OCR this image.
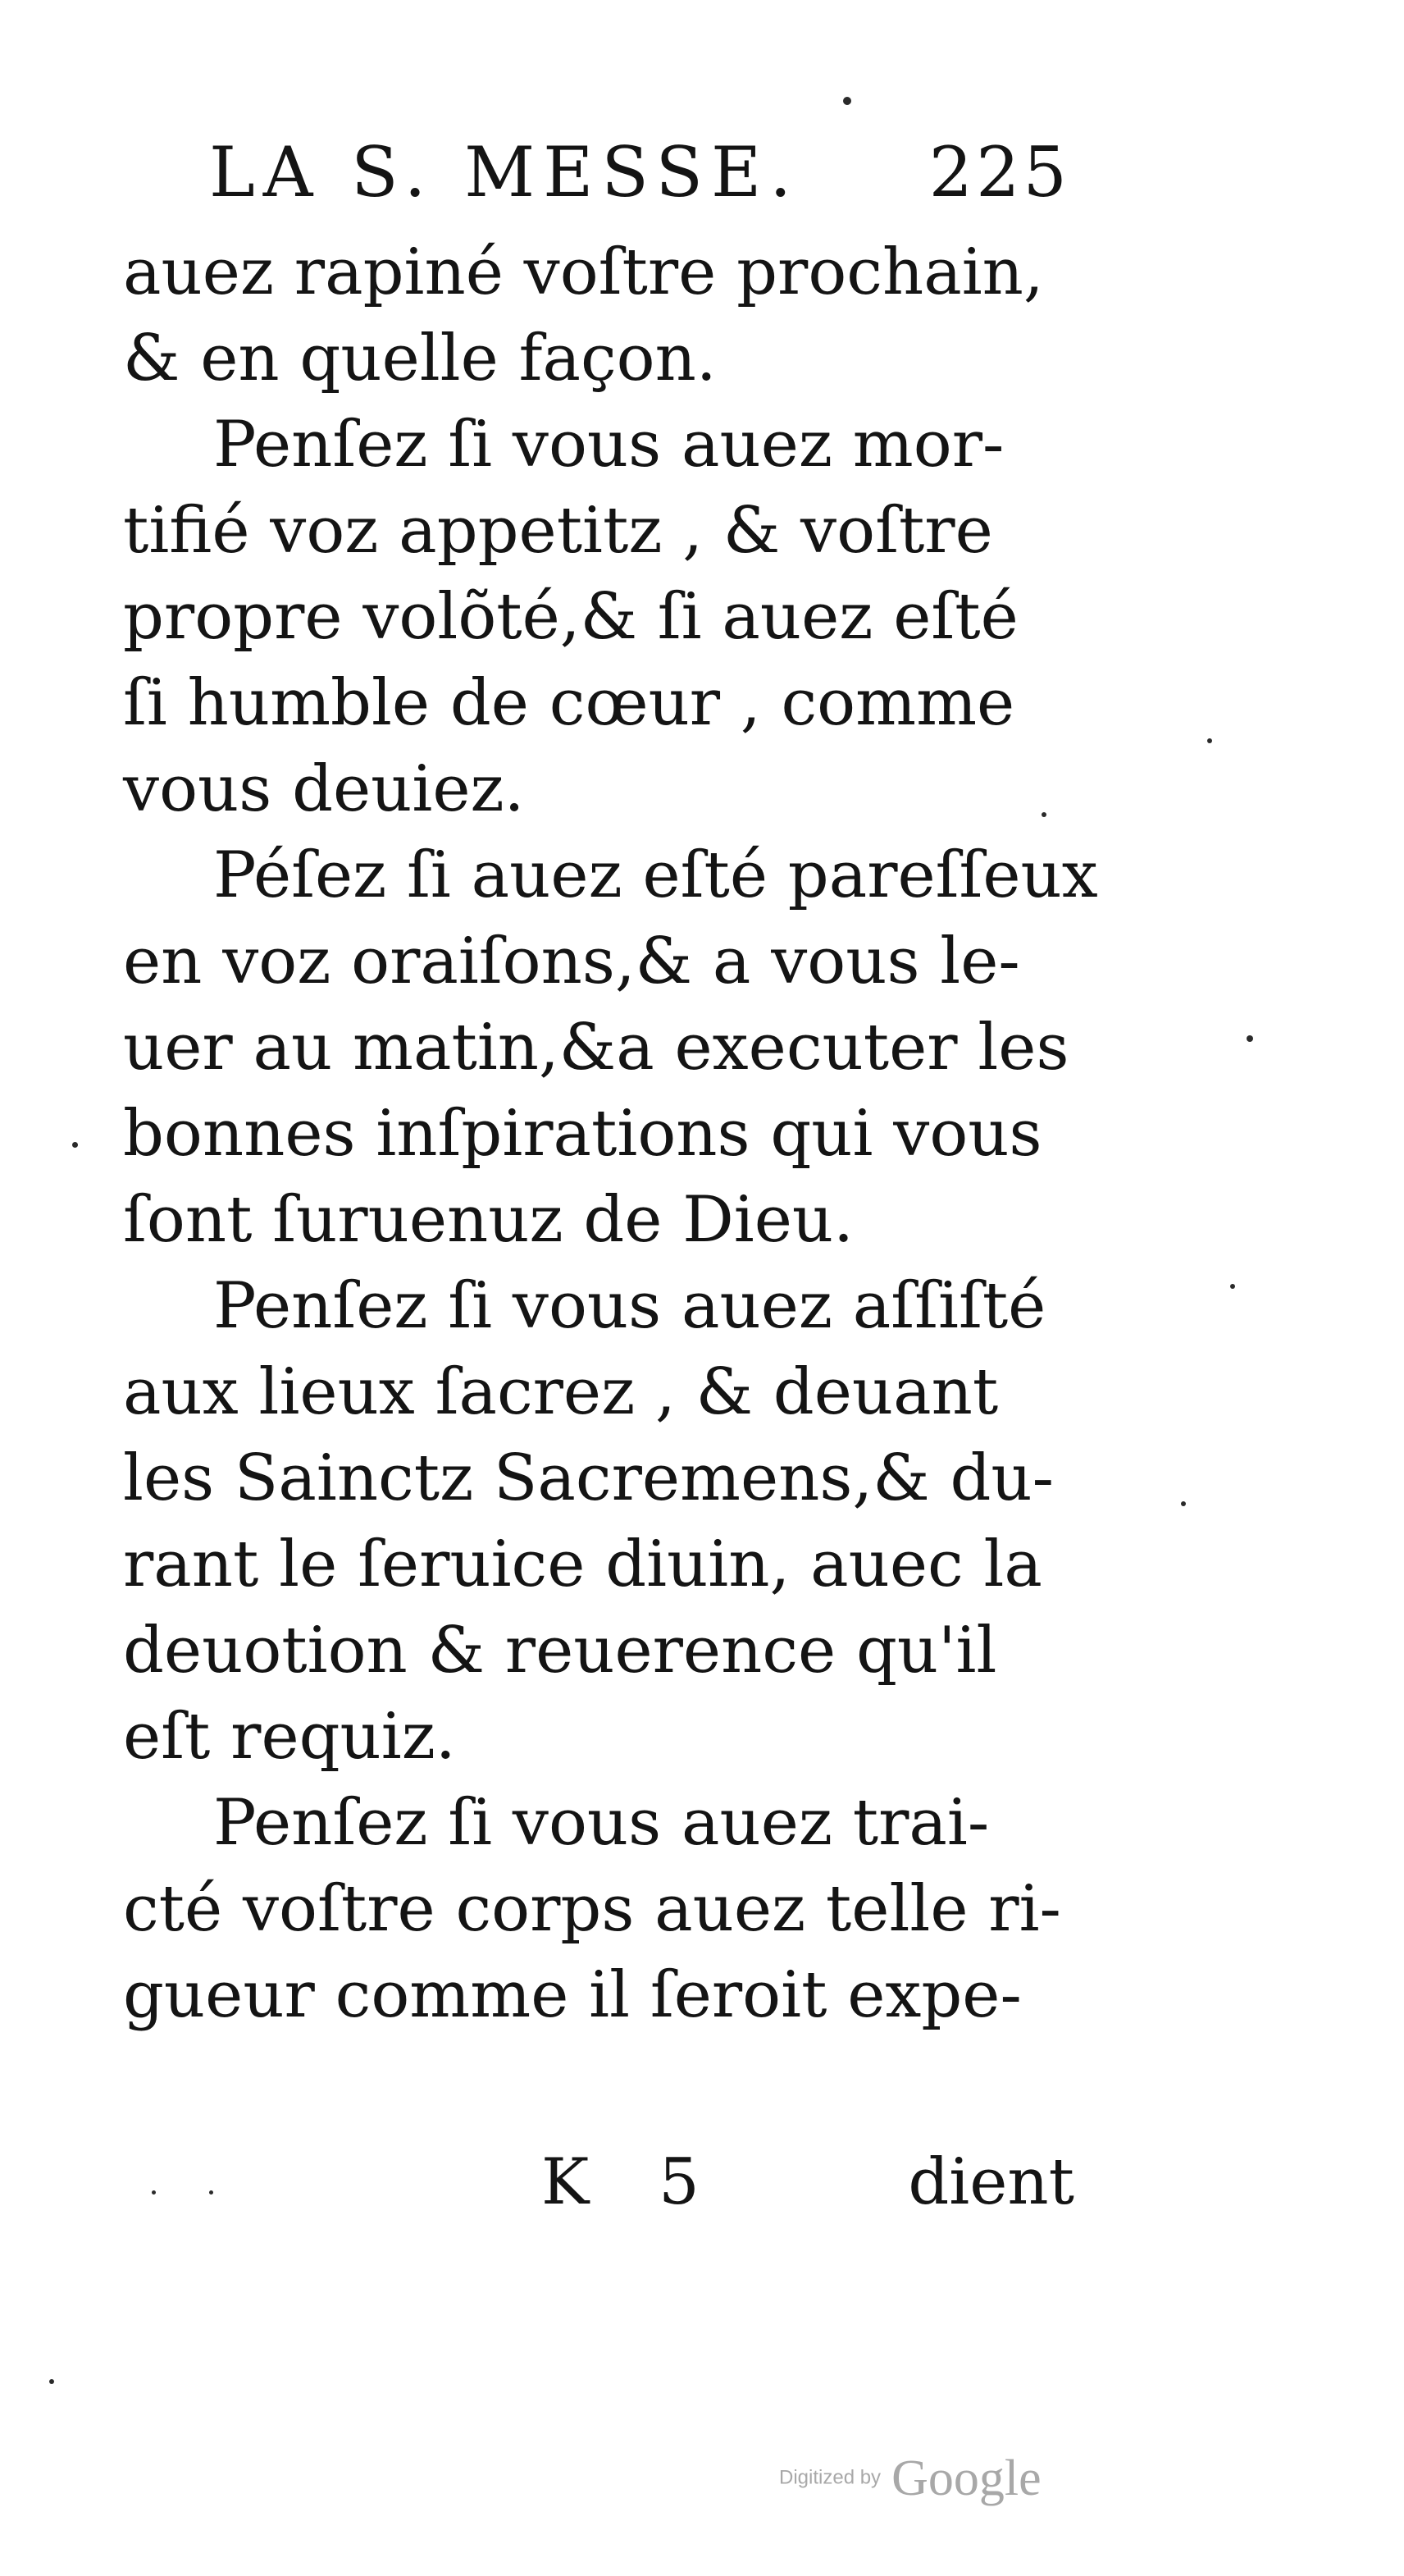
LA S. MESSE. 225
auez rapiné voſtre prochain,
& en quelle façon.
Penſez ſi vous auez mor-
tifié voz appetitz , & voſtre
propre volõté,& ſi auez eſté
ſi humble de cœur , comme
vous deuiez.
Péſez ſi auez eſté pareſſeux
en voz oraiſons,& a vous le-
uer au matin,&a executer les
bonnes inſpirations qui vous
ſont ſuruenuz de Dieu.
Penſez ſi vous auez aſſiſté
aux lieux ſacrez , & deuant
les Sainctz Sacremens,& du-
rant le ſeruice diuin, auec la
deuotion & reuerence qu'il
eſt requiz.
Penſez ſi vous auez trai-
cté voſtre corps auez telle ri-
gueur comme il ſeroit expe-
K 5	dient
Digitized by Google
